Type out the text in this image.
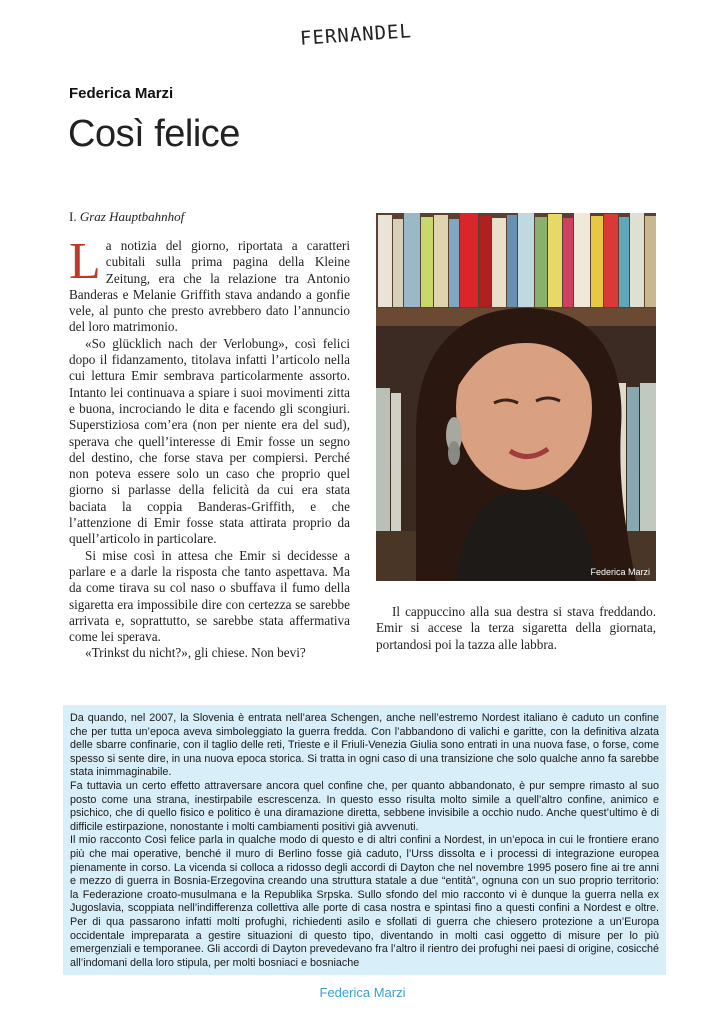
FERNANDEL
Federica Marzi
Così felice
I. Graz Hauptbahnhof

L a notizia del giorno, riportata a caratteri cubitali sulla prima pagina della Kleine Zeitung, era che la relazione tra Antonio Banderas e Melanie Griffith stava andando a gonfie vele, al punto che presto avrebbero dato l’annuncio del loro matrimonio.

«So glücklich nach der Verlobung», così felici dopo il fidanzamento, titolava infatti l’articolo nella cui lettura Emir sembrava particolarmente assorto. Intanto lei continuava a spiare i suoi movimenti zitta e buona, incrociando le dita e facendo gli scongiuri. Superstiziosa com’era (non per niente era del sud), sperava che quell’interesse di Emir fosse un segno del destino, che forse stava per compiersi. Perché non poteva essere solo un caso che proprio quel giorno si parlasse della felicità da cui era stata baciata la coppia Banderas-Griffith, e che l’attenzione di Emir fosse stata attirata proprio da quell’articolo in particolare.

Si mise così in attesa che Emir si decidesse a parlare e a darle la risposta che tanto aspettava. Ma da come tirava su col naso o sbuffava il fumo della sigaretta era impossibile dire con certezza se sarebbe arrivata e, soprattutto, se sarebbe stata affermativa come lei sperava.

«Trinkst du nicht?», gli chiese. Non bevi?

Federica Marzi

Il cappuccino alla sua destra si stava freddando. Emir si accese la terza sigaretta della giornata, portandosi poi la tazza alle labbra.

Da quando, nel 2007, la Slovenia è entrata nell’area Schengen, anche nell’estremo Nordest italiano è caduto un confine che per tutta un’epoca aveva simboleggiato la guerra fredda. Con l’abbandono di valichi e garitte, con la definitiva alzata delle sbarre confinarie, con il taglio delle reti, Trieste e il Friuli-Venezia Giulia sono entrati in una nuova fase, o forse, come spesso si sente dire, in una nuova epoca storica. Si tratta in ogni caso di una transizione che solo qualche anno fa sarebbe stata inimmaginabile.

Fa tuttavia un certo effetto attraversare ancora quel confine che, per quanto abbandonato, è pur sempre rimasto al suo posto come una strana, inestirpabile escrescenza. In questo esso risulta molto simile a quell’altro confine, animico e psichico, che di quello fisico e politico è una diramazione diretta, sebbene invisibile a occhio nudo. Anche quest’ultimo è di difficile estirpazione, nonostante i molti cambiamenti positivi già avvenuti.

Il mio racconto Così felice parla in qualche modo di questo e di altri confini a Nordest, in un’epoca in cui le frontiere erano più che mai operative, benché il muro di Berlino fosse già caduto, l’Urss dissolta e i processi di integrazione europea pienamente in corso. La vicenda si colloca a ridosso degli accordi di Dayton che nel novembre 1995 posero fine ai tre anni e mezzo di guerra in Bosnia-Erzegovina creando una struttura statale a due “entità”, ognuna con un suo proprio territorio: la Federazione croato-musulmana e la Republika Srpska. Sullo sfondo del mio racconto vi è dunque la guerra nella ex Jugoslavia, scoppiata nell’indifferenza collettiva alle porte di casa nostra e spintasi fino a questi confini a Nordest e oltre. Per di qua passarono infatti molti profughi, richiedenti asilo e sfollati di guerra che chiesero protezione a un’Europa occidentale impreparata a gestire situazioni di questo tipo, diventando in molti casi oggetto di misure per lo più emergenziali e temporanee. Gli accordi di Dayton prevedevano fra l’altro il rientro dei profughi nei paesi di origine, cosicché all’indomani della loro stipula, per molti bosniaci e bosniache

Federica Marzi
